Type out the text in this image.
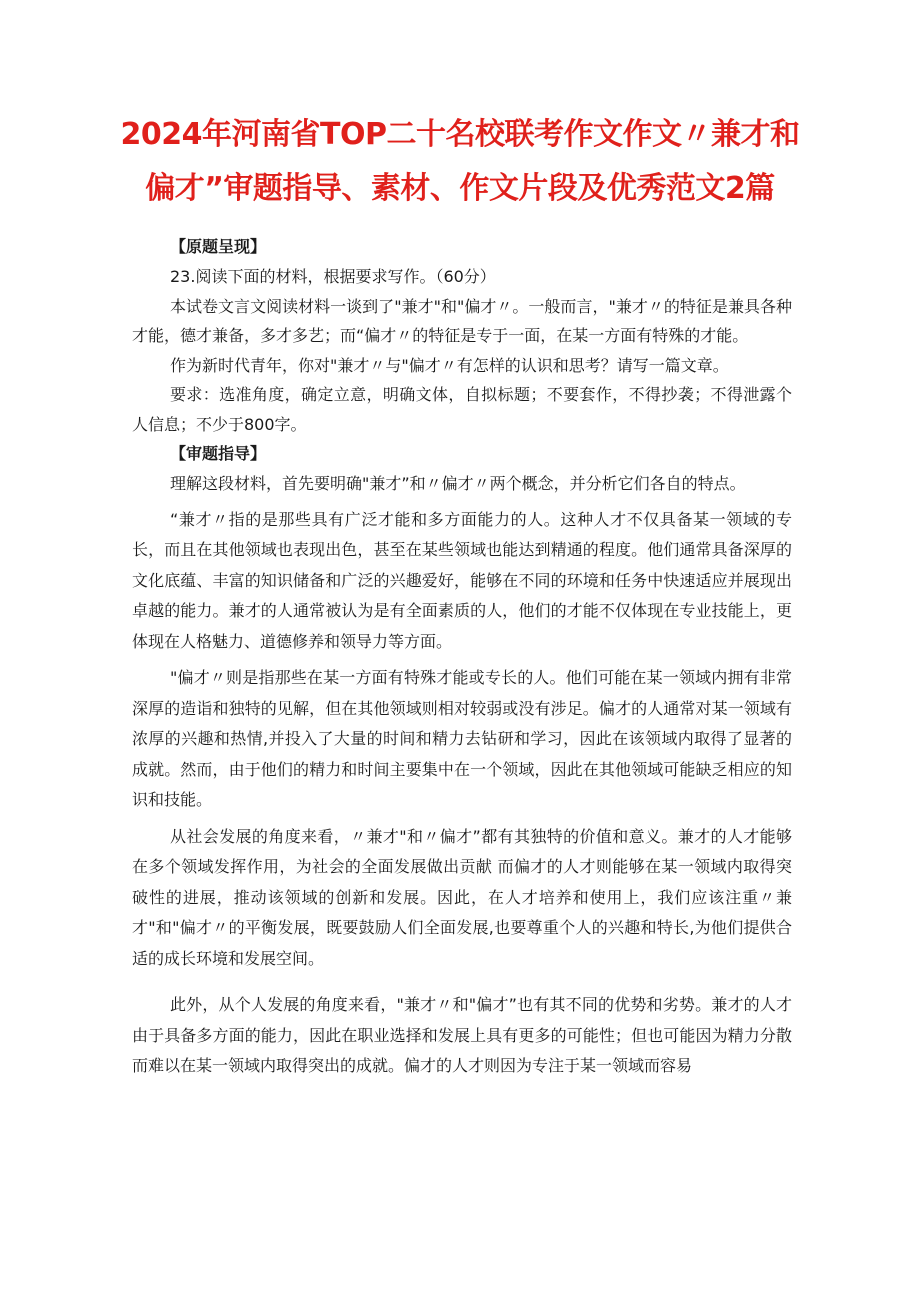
2024年河南省TOP二十名校联考作文作文〃兼才和
偏才”审题指导、素材、作文片段及优秀范文2篇
【原题呈现】
23.阅读下面的材料，根据要求写作。（60分）
本试卷文言文阅读材料一谈到了"兼才"和"偏才〃。一般而言，"兼才〃的特征是兼具各种才能，德才兼备，多才多艺；而“偏才〃的特征是专于一面，在某一方面有特殊的才能。
作为新时代青年，你对"兼才〃与"偏才〃有怎样的认识和思考？请写一篇文章。
要求：选准角度，确定立意，明确文体，自拟标题；不要套作，不得抄袭；不得泄露个人信息；不少于800字。
【审题指导】
理解这段材料，首先要明确"兼才”和〃偏才〃两个概念，并分析它们各自的特点。
“兼才〃指的是那些具有广泛才能和多方面能力的人。这种人才不仅具备某一领域的专长，而且在其他领域也表现出色，甚至在某些领域也能达到精通的程度。他们通常具备深厚的文化底蕴、丰富的知识储备和广泛的兴趣爱好，能够在不同的环境和任务中快速适应并展现出卓越的能力。兼才的人通常被认为是有全面素质的人，他们的才能不仅体现在专业技能上，更体现在人格魅力、道德修养和领导力等方面。
"偏才〃则是指那些在某一方面有特殊才能或专长的人。他们可能在某一领域内拥有非常深厚的造诣和独特的见解，但在其他领域则相对较弱或没有涉足。偏才的人通常对某一领域有浓厚的兴趣和热情,并投入了大量的时间和精力去钻研和学习，因此在该领域内取得了显著的成就。然而，由于他们的精力和时间主要集中在一个领域，因此在其他领域可能缺乏相应的知识和技能。
从社会发展的角度来看，〃兼才"和〃偏才”都有其独特的价值和意义。兼才的人才能够在多个领域发挥作用，为社会的全面发展做出贡献 而偏才的人才则能够在某一领域内取得突破性的进展，推动该领域的创新和发展。因此，在人才培养和使用上，我们应该注重〃兼才"和"偏才〃的平衡发展，既要鼓励人们全面发展,也要尊重个人的兴趣和特长,为他们提供合适的成长环境和发展空间。
此外，从个人发展的角度来看，"兼才〃和"偏才”也有其不同的优势和劣势。兼才的人才由于具备多方面的能力，因此在职业选择和发展上具有更多的可能性；但也可能因为精力分散而难以在某一领域内取得突出的成就。偏才的人才则因为专注于某一领域而容易
